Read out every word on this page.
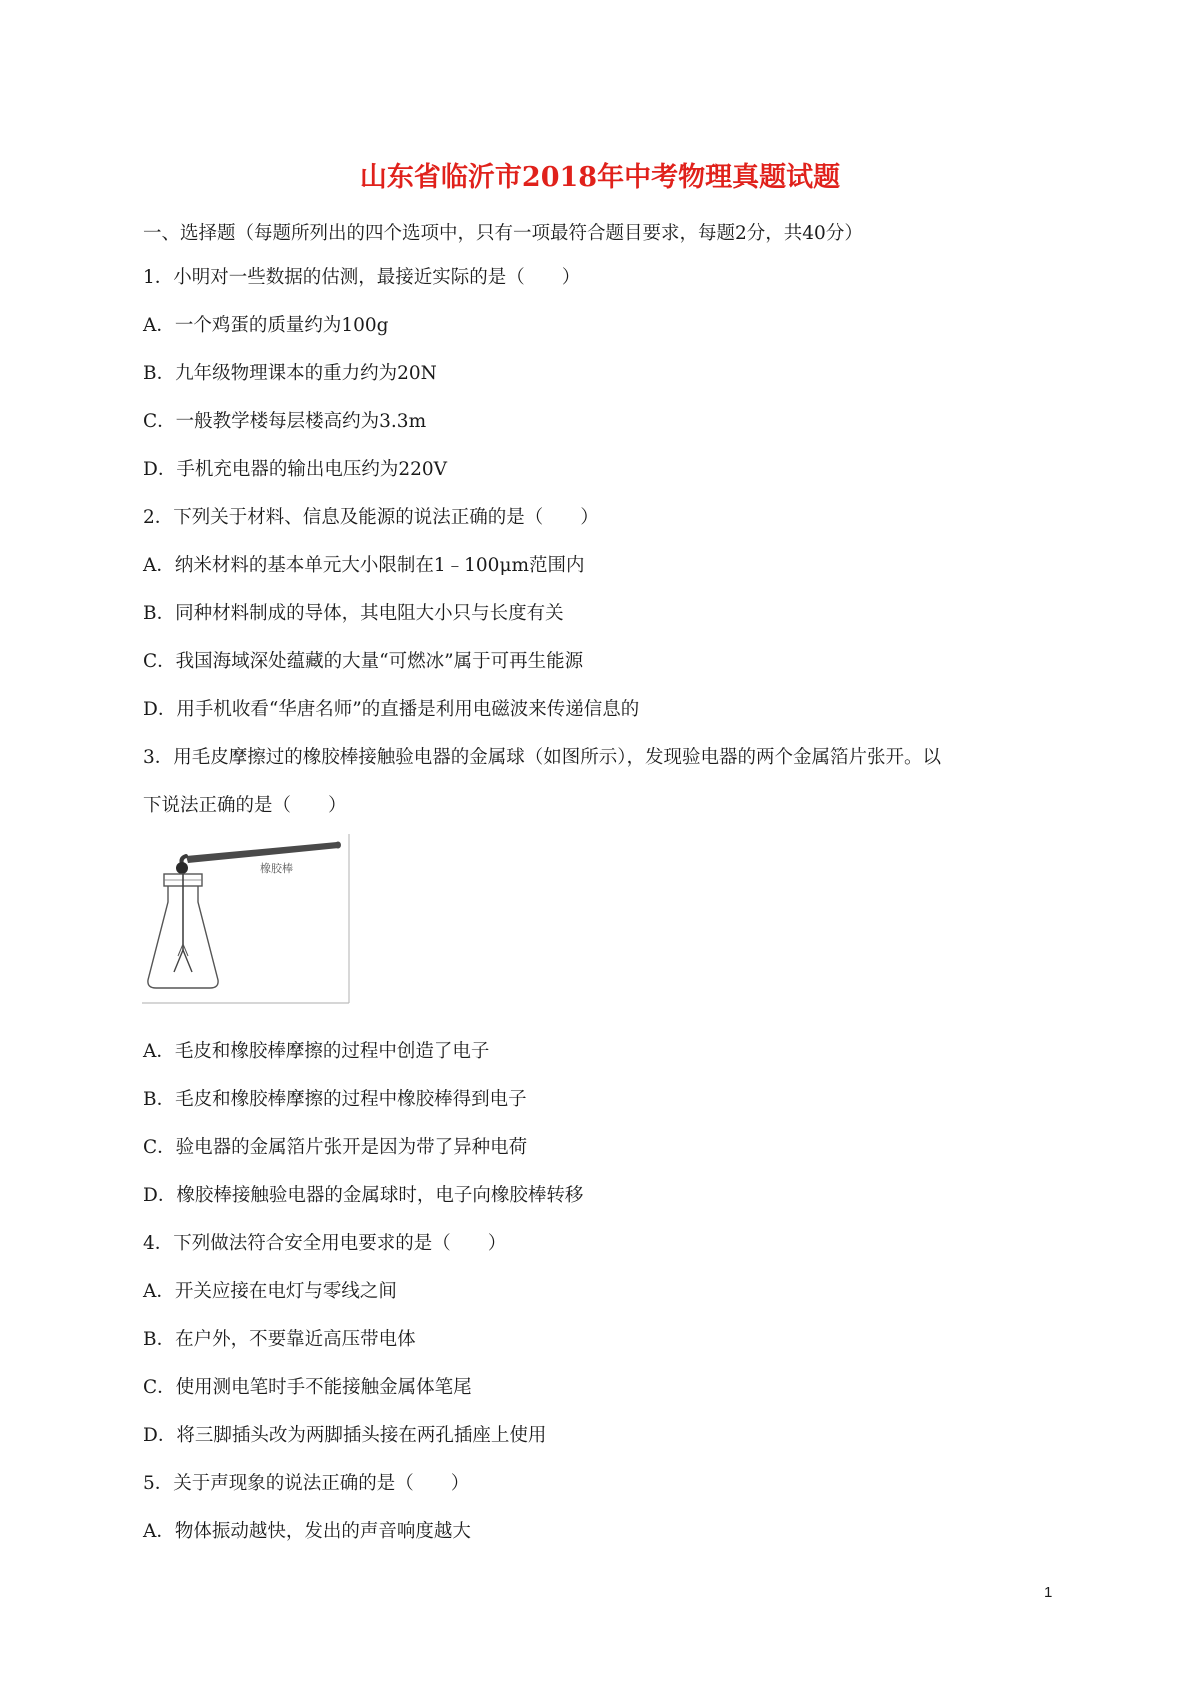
山东省临沂市2018年中考物理真题试题
一、选择题（每题所列出的四个选项中，只有一项最符合题目要求，每题2分，共40分）
1．小明对一些数据的估测，最接近实际的是（　　）
A．一个鸡蛋的质量约为100g
B．九年级物理课本的重力约为20N
C．一般教学楼每层楼高约为3.3m
D．手机充电器的输出电压约为220V
2．下列关于材料、信息及能源的说法正确的是（　　）
A．纳米材料的基本单元大小限制在1﹣100μm范围内
B．同种材料制成的导体，其电阻大小只与长度有关
C．我国海域深处蕴藏的大量“可燃冰”属于可再生能源
D．用手机收看“华唐名师”的直播是利用电磁波来传递信息的
3．用毛皮摩擦过的橡胶棒接触验电器的金属球（如图所示），发现验电器的两个金属箔片张开。以
下说法正确的是（　　）
橡胶棒
A．毛皮和橡胶棒摩擦的过程中创造了电子
B．毛皮和橡胶棒摩擦的过程中橡胶棒得到电子
C．验电器的金属箔片张开是因为带了异种电荷
D．橡胶棒接触验电器的金属球时，电子向橡胶棒转移
4．下列做法符合安全用电要求的是（　　）
A．开关应接在电灯与零线之间
B．在户外，不要靠近高压带电体
C．使用测电笔时手不能接触金属体笔尾
D．将三脚插头改为两脚插头接在两孔插座上使用
5．关于声现象的说法正确的是（　　）
A．物体振动越快，发出的声音响度越大
1
